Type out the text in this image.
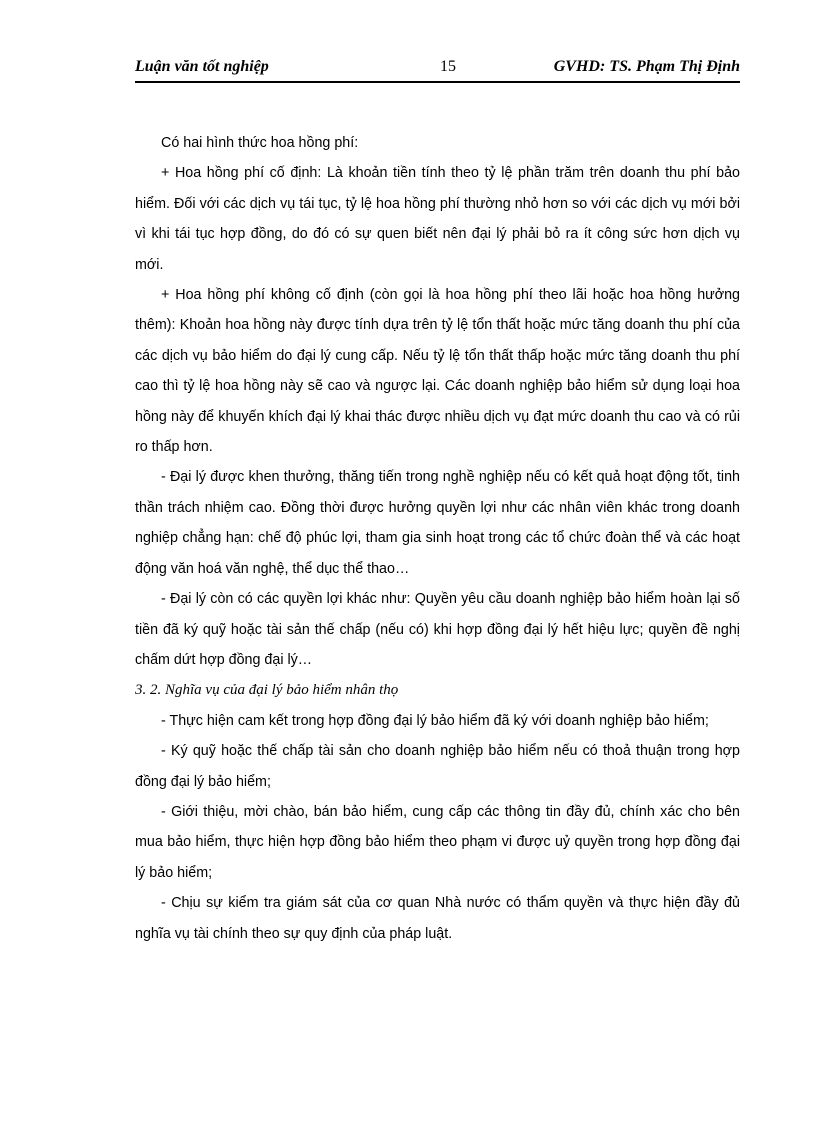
Luận văn tốt nghiệp	15	GVHD: TS. Phạm Thị Định

Có hai hình thức hoa hồng phí:

+ Hoa hồng phí cố định: Là khoản tiền tính theo tỷ lệ phần trăm trên doanh thu phí bảo hiểm. Đối với các dịch vụ tái tục, tỷ lệ hoa hồng phí thường nhỏ hơn so với các dịch vụ mới bởi vì khi tái tục hợp đồng, do đó có sự quen biết nên đại lý phải bỏ ra ít công sức hơn dịch vụ mới.

+ Hoa hồng phí không cố định (còn gọi là hoa hồng phí theo lãi hoặc hoa hồng hưởng thêm): Khoản hoa hồng này được tính dựa trên tỷ lệ tổn thất hoặc mức tăng doanh thu phí của các dịch vụ bảo hiểm do đại lý cung cấp. Nếu tỷ lệ tổn thất thấp hoặc mức tăng doanh thu phí cao thì tỷ lệ hoa hồng này sẽ cao và ngược lại. Các doanh nghiệp bảo hiểm sử dụng loại hoa hồng này để khuyến khích đại lý khai thác được nhiều dịch vụ đạt mức doanh thu cao và có rủi ro thấp hơn.

- Đại lý được khen thưởng, thăng tiến trong nghề nghiệp nếu có kết quả hoạt động tốt, tinh thần trách nhiệm cao. Đồng thời được hưởng quyền lợi như các nhân viên khác trong doanh nghiệp chẳng hạn: chế độ phúc lợi, tham gia sinh hoạt trong các tổ chức đoàn thể và các hoạt động văn hoá văn nghệ, thể dục thể thao…

- Đại lý còn có các quyền lợi khác như: Quyền yêu cầu doanh nghiệp bảo hiểm hoàn lại số tiền đã ký quỹ hoặc tài sản thế chấp (nếu có) khi hợp đồng đại lý hết hiệu lực; quyền đề nghị chấm dứt hợp đồng đại lý…

3. 2. Nghĩa vụ của đại lý bảo hiểm nhân thọ

- Thực hiện cam kết trong hợp đồng đại lý bảo hiểm đã ký với doanh nghiệp bảo hiểm;

- Ký quỹ hoặc thế chấp tài sản cho doanh nghiệp bảo hiểm nếu có thoả thuận trong hợp đồng đại lý bảo hiểm;

- Giới thiệu, mời chào, bán bảo hiểm, cung cấp các thông tin đầy đủ, chính xác cho bên mua bảo hiểm, thực hiện hợp đồng bảo hiểm theo phạm vi được uỷ quyền trong hợp đồng đại lý bảo hiểm;

- Chịu sự kiểm tra giám sát của cơ quan Nhà nước có thẩm quyền và thực hiện đầy đủ nghĩa vụ tài chính theo sự quy định của pháp luật.
